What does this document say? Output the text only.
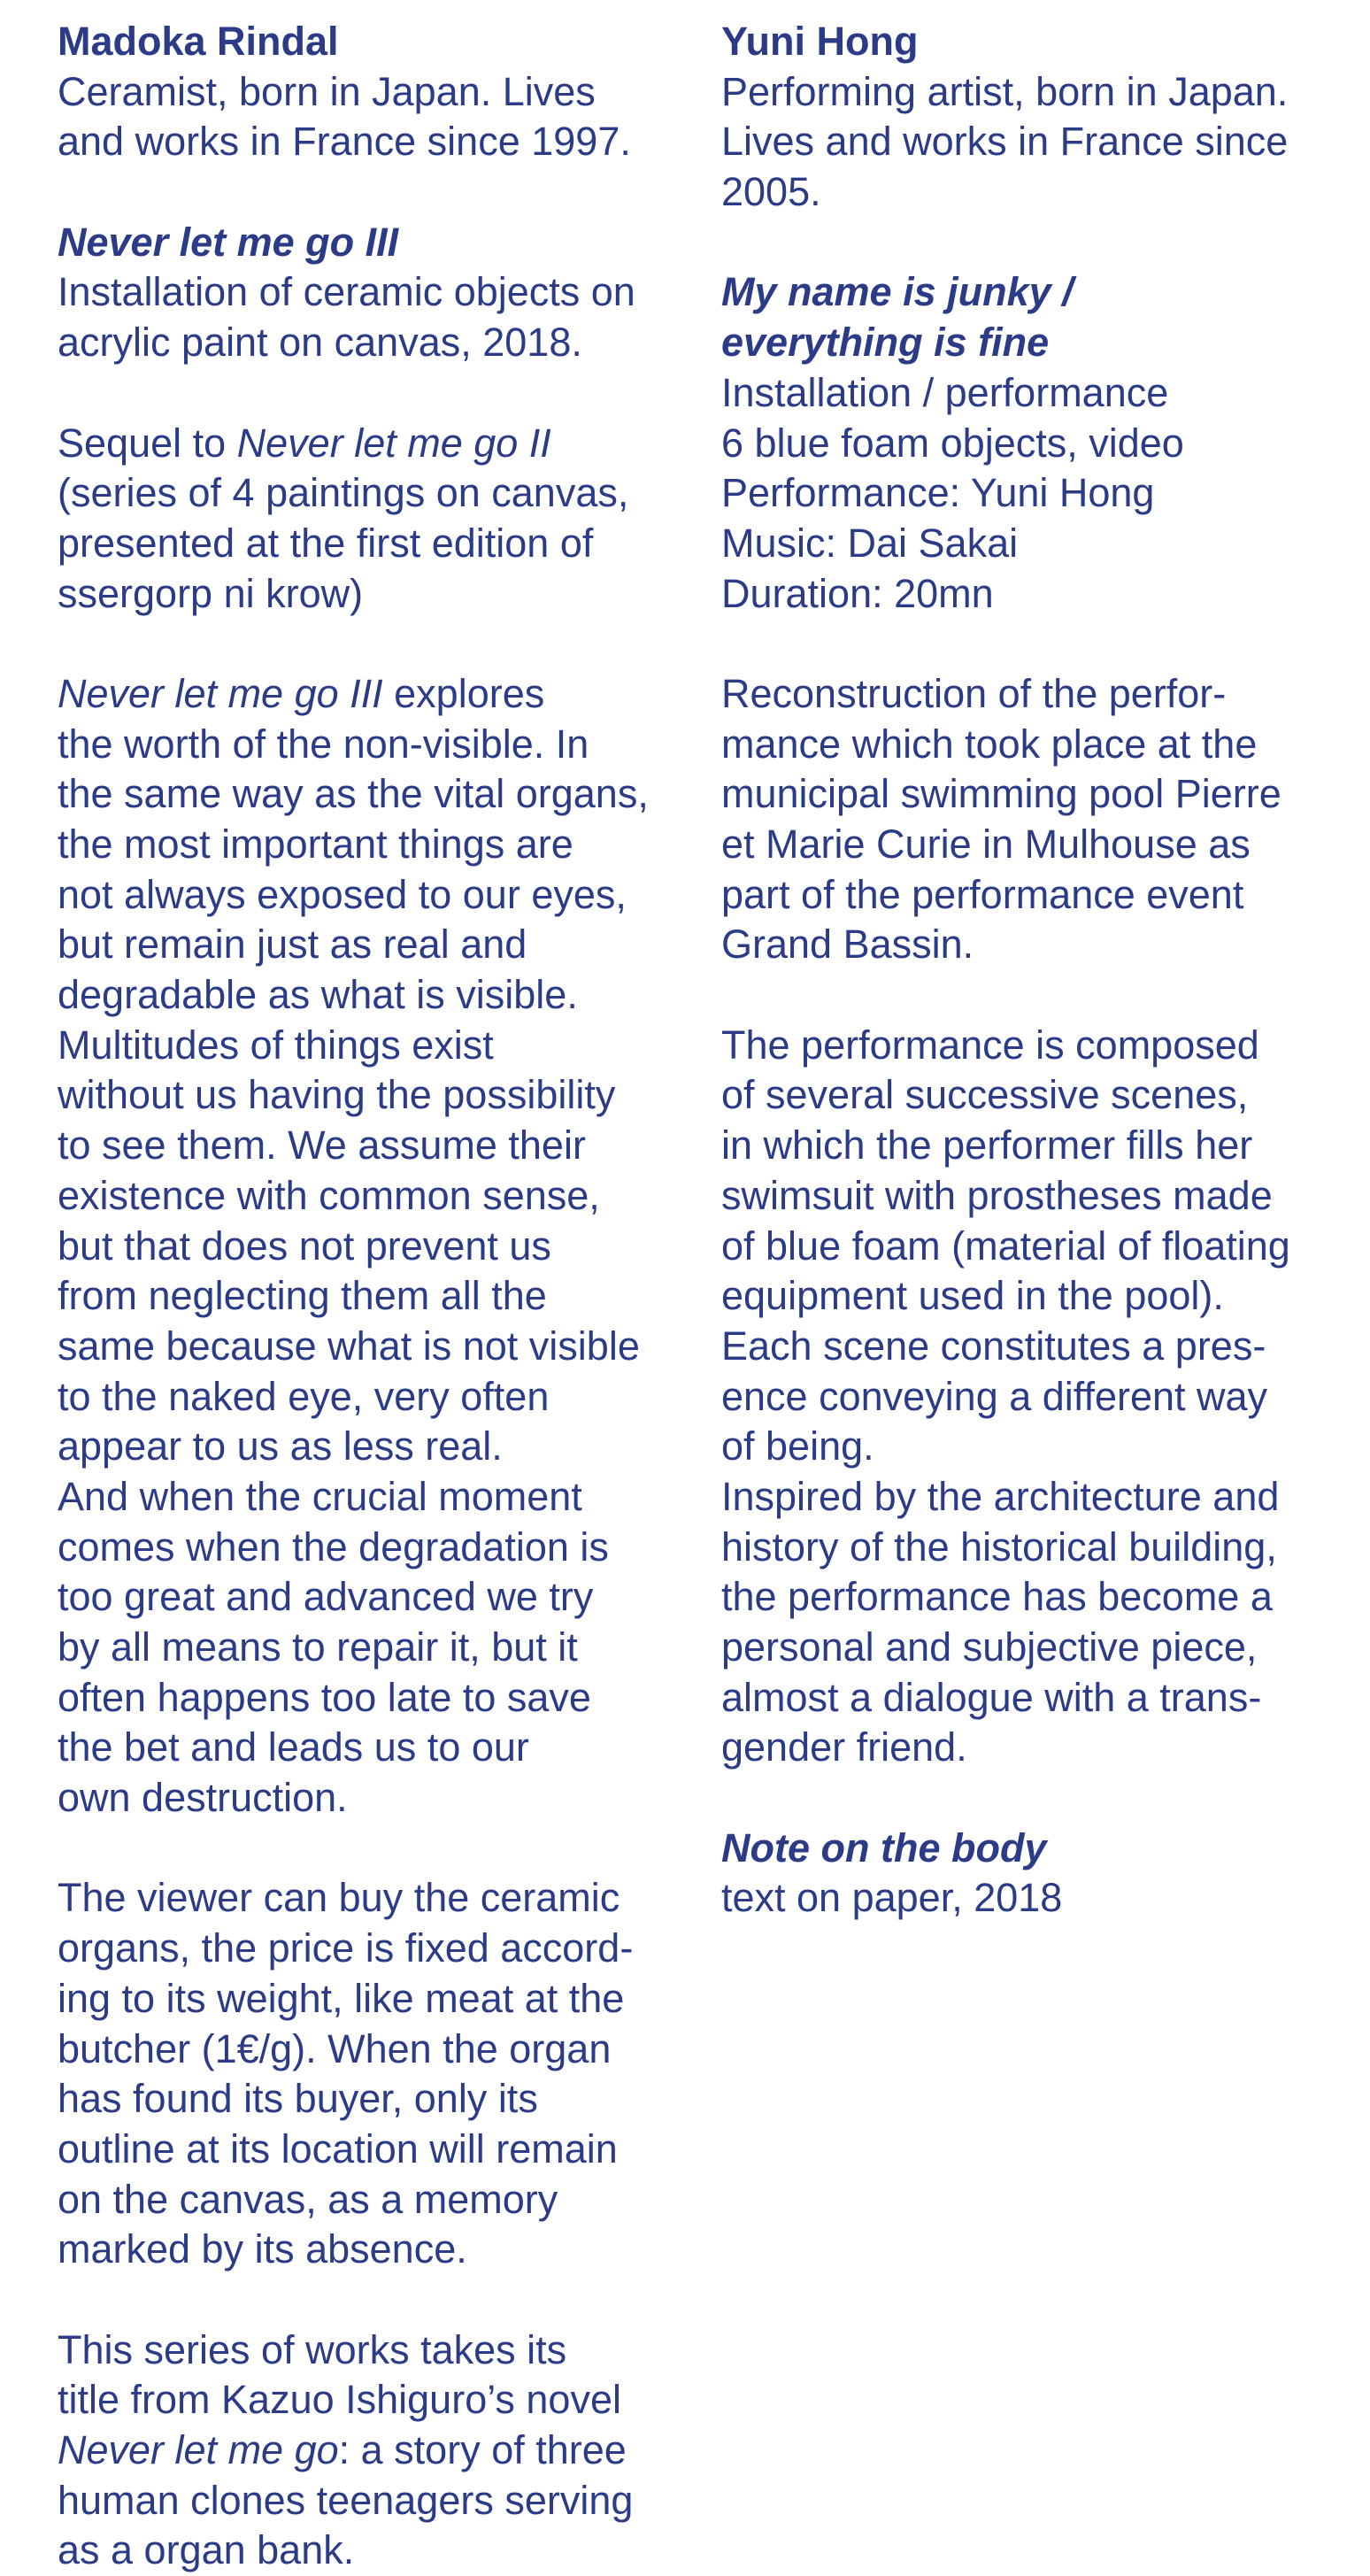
Madoka Rindal
Ceramist, born in Japan. Lives
and works in France since 1997.
Never let me go III
Installation of ceramic objects on
acrylic paint on canvas, 2018.
Sequel to Never let me go II
(series of 4 paintings on canvas,
presented at the first edition of
ssergorp ni krow)
Never let me go III explores
the worth of the non-visible. In
the same way as the vital organs,
the most important things are
not always exposed to our eyes,
but remain just as real and
degradable as what is visible.
Multitudes of things exist
without us having the possibility
to see them. We assume their
existence with common sense,
but that does not prevent us
from neglecting them all the
same because what is not visible
to the naked eye, very often
appear to us as less real.
And when the crucial moment
comes when the degradation is
too great and advanced we try
by all means to repair it, but it
often happens too late to save
the bet and leads us to our
own destruction.
The viewer can buy the ceramic
organs, the price is fixed accord-
ing to its weight, like meat at the
butcher (1€/g). When the organ
has found its buyer, only its
outline at its location will remain
on the canvas, as a memory
marked by its absence.
This series of works takes its
title from Kazuo Ishiguro’s novel
Never let me go: a story of three
human clones teenagers serving
as a organ bank.
Yuni Hong
Performing artist, born in Japan.
Lives and works in France since
2005.
My name is junky /
everything is fine
Installation / performance
6 blue foam objects, video
Performance: Yuni Hong
Music: Dai Sakai
Duration: 20mn
Reconstruction of the perfor-
mance which took place at the
municipal swimming pool Pierre
et Marie Curie in Mulhouse as
part of the performance event
Grand Bassin.
The performance is composed
of several successive scenes,
in which the performer fills her
swimsuit with prostheses made
of blue foam (material of floating
equipment used in the pool).
Each scene constitutes a pres-
ence conveying a different way
of being.
Inspired by the architecture and
history of the historical building,
the performance has become a
personal and subjective piece,
almost a dialogue with a trans-
gender friend.
Note on the body
text on paper, 2018
